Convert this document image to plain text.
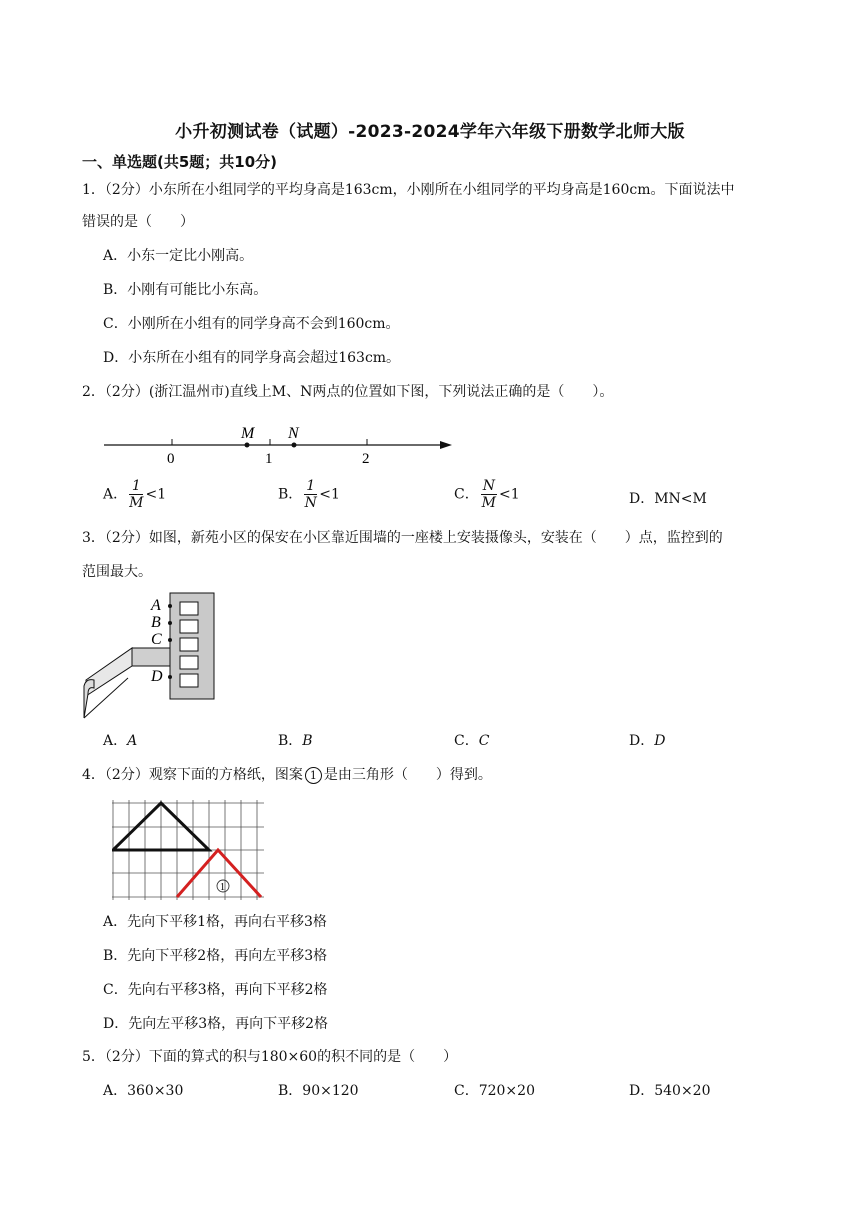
小升初测试卷（试题）-2023-2024学年六年级下册数学北师大版
一、单选题(共5题；共10分)
1．（2分）小东所在小组同学的平均身高是163cm，小刚所在小组同学的平均身高是160cm。下面说法中
错误的是（　　）
A．小东一定比小刚高。
B．小刚有可能比小东高。
C．小刚所在小组有的同学身高不会到160cm。
D．小东所在小组有的同学身高会超过163cm。
2．（2分）(浙江温州市)直线上M、N两点的位置如下图，下列说法正确的是（　　）。
M N
0	1	2
A． $\frac{1}{M} <1$	B． $\frac{1}{N} <1$	C． $\frac{N}{M} <1$	D．MN<M
3．（2分）如图，新苑小区的保安在小区靠近围墙的一座楼上安装摄像头，安装在（　　）点，监控到的
范围最大。
A
B
C
D
A．A	B．B	C．C	D．D
4．（2分）观察下面的方格纸，图案 1 是由三角形（　　）得到。
1
A．先向下平移1格，再向右平移3格
B．先向下平移2格，再向左平移3格
C．先向右平移3格，再向下平移2格
D．先向左平移3格，再向下平移2格
5．（2分）下面的算式的积与180×60的积不同的是（　　）
A．360×30	B．90×120	C．720×20	D．540×20
